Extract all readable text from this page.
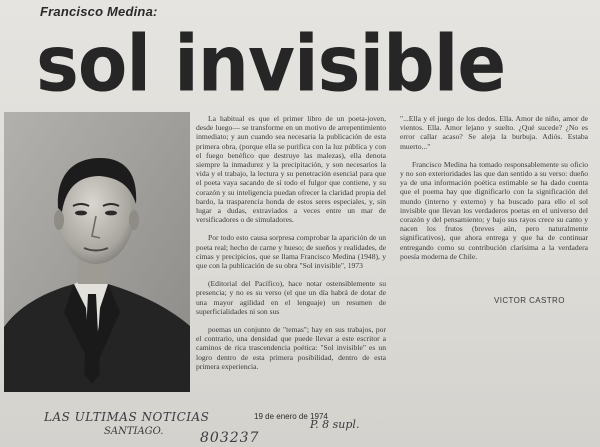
Francisco Medina:
sol invisible

La habitual es que el primer libro de un poeta-joven, desde luego— se transforme en un motivo de arrepentimiento inmediato; y aun cuando sea necesaria la publicación de esta primera obra, (porque ella se purifica con la luz pública y con el fuego benéfico que destruye las malezas), ella denota siempre la inmadurez y la precipitación, y son necesarios la vida y el trabajo, la lectura y su penetración esencial para que el poeta vaya sacando de sí todo el fulgor que contiene, y su corazón y su inteligencia puedan ofrecer la claridad propia del bardo, la trasparencia honda de estos seres especiales, y, sin lugar a dudas, extraviados a veces entre un mar de versificadores o de simuladores.

Por todo esto causa sorpresa comprobar la aparición de un poeta real; hecho de carne y hueso; de sueños y realidades, de cimas y precipicios, que se llama Francisco Medina (1948), y que con la publicación de su obra "Sol invisible", 1973

(Editorial del Pacífico), hace notar ostensiblemente su presencia; y no es su verso (el que un día habrá de dotar de una mayor agilidad en el lenguaje) un resumen de superficialidades ni son sus

poemas un conjunto de "temas"; hay en sus trabajos, por el contrario, una densidad que puede llevar a este escritor a caminos de rica trascendencia poética: "Sol invisible" es un logro dentro de esta primera posibilidad, dentro de esta primera experiencia.

"...Ella y el juego de los dedos. Ella. Amor de niño, amor de vientos. Ella. Amor lejano y suelto. ¿Qué sucede? ¿No es error callar acaso? Se aleja la burbuja. Adiós. Estaba muerto..."

Francisco Medina ha tomado responsablemente su oficio y no son exterioridades las que dan sentido a su verso: dueño ya de una información poética estimable se ha dado cuenta que el poema hay que dignificarlo con la significación del mundo (interno y externo) y ha buscado para ello el sol invisible que llevan los verdaderos poetas en el universo del corazón y del pensamiento; y bajo sus rayos crece su canto y nacen los frutos (breves aún, pero naturalmente significativos), que ahora entrega y que ha de continuar entregando como su contribución clarísima a la verdadera poesía moderna de Chile.

VICTOR CASTRO
19 de enero de 1974
LAS ULTIMAS NOTICIAS
SANTIAGO.	803237
P. 8 supl.
